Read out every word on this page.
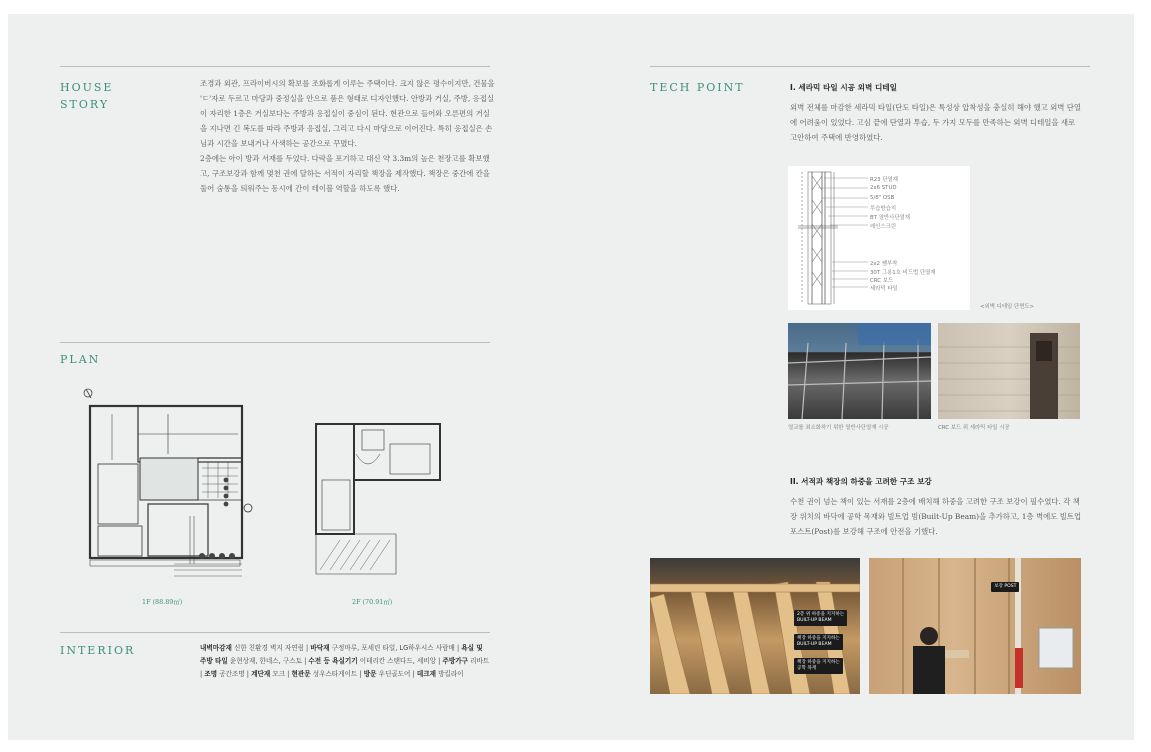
HOUSE
STORY

조경과 외관, 프라이버시의 확보를 조화롭게 이루는 주택이다. 크지 않은 평수이지만, 건물을 'ㄷ'자로 두르고 마당과 중정실을 안으로 품은 형태로 디자인했다. 안방과 거실, 주방, 응접실이 자리한 1층은 거실보다는 주방과 응접실이 중심이 된다. 현관으로 들어와 오른편의 거실을 지나면 긴 복도를 따라 주방과 응접실, 그리고 다시 마당으로 이어진다. 특히 응접실은 손님과 시간을 보내거나 사색하는 공간으로 꾸몄다.

2층에는 아이 방과 서재를 두었다. 다락을 포기하고 대신 약 3.3m의 높은 천장고를 확보했고, 구조보강과 함께 몇천 권에 달하는 서적이 자리할 책장을 제작했다. 책장은 중간에 칸을 둘어 숨통을 틔워주는 동시에 간이 테이블 역할을 하도록 했다.

PLAN
1F (88.89㎡)	2F (70.91㎡)
INTERIOR	내벽마감재 신한 친환경 벽지 자연림 | 바닥재 구정마루, 포세린 타일, LG하우시스 사람매 | 욕실 및 주방 타일 윤현상재, 한네스, 구스토 | 수전 등 욕실기기 이테리칸 스탠다드, 세비앙 | 주방가구 리바트 | 조명 공간조명 | 계단재 모크 | 현관문 성우스타게이트 | 방문 우딘골도어 | 데크재 방킬라이
TECH POINT	I. 세라믹 타일 시공 외벽 디테일
외벽 전체를 마감한 세라믹 타일(단도 타일)은 특성상 압착성을 충실히 해야 했고 외벽 단열에 어려움이 있었다. 고심 끝에 단열과 투습, 두 가지 모두를 만족하는 외벽 디테일을 새로 고안하여 주택에 반영하였다.
R23 단열재
2x6 STUD
5/8" OSB
투습방습지
BT 열반사단열재
레인스크린
2x2 쌤부착
30T 그용1호 비드법 단열재
CRC 보드
세라믹 타일
<외벽 디테일 단면도>
열교를 최소화하기 위한 열반사단열재 시공	CRC 보드 위 세라믹 타일 시공
II. 서적과 책장의 하중을 고려한 구조 보강
수천 권이 넘는 책이 있는 서재를 2층에 배치해 하중을 고려한 구조 보강이 필수였다. 각 책장 위치의 바닥에 공학 목재와 빌트업 빔(Built-Up Beam)을 추가하고, 1층 벽에도 빌트업 포스트(Post)를 보강해 구조에 안전을 기했다.
2층 위 하중을 지지하는
BUILT-UP BEAM
책장 하중을 지지하는
BUILT-UP BEAM
책장 하중을 지지하는
공학 목재
보강 POST
